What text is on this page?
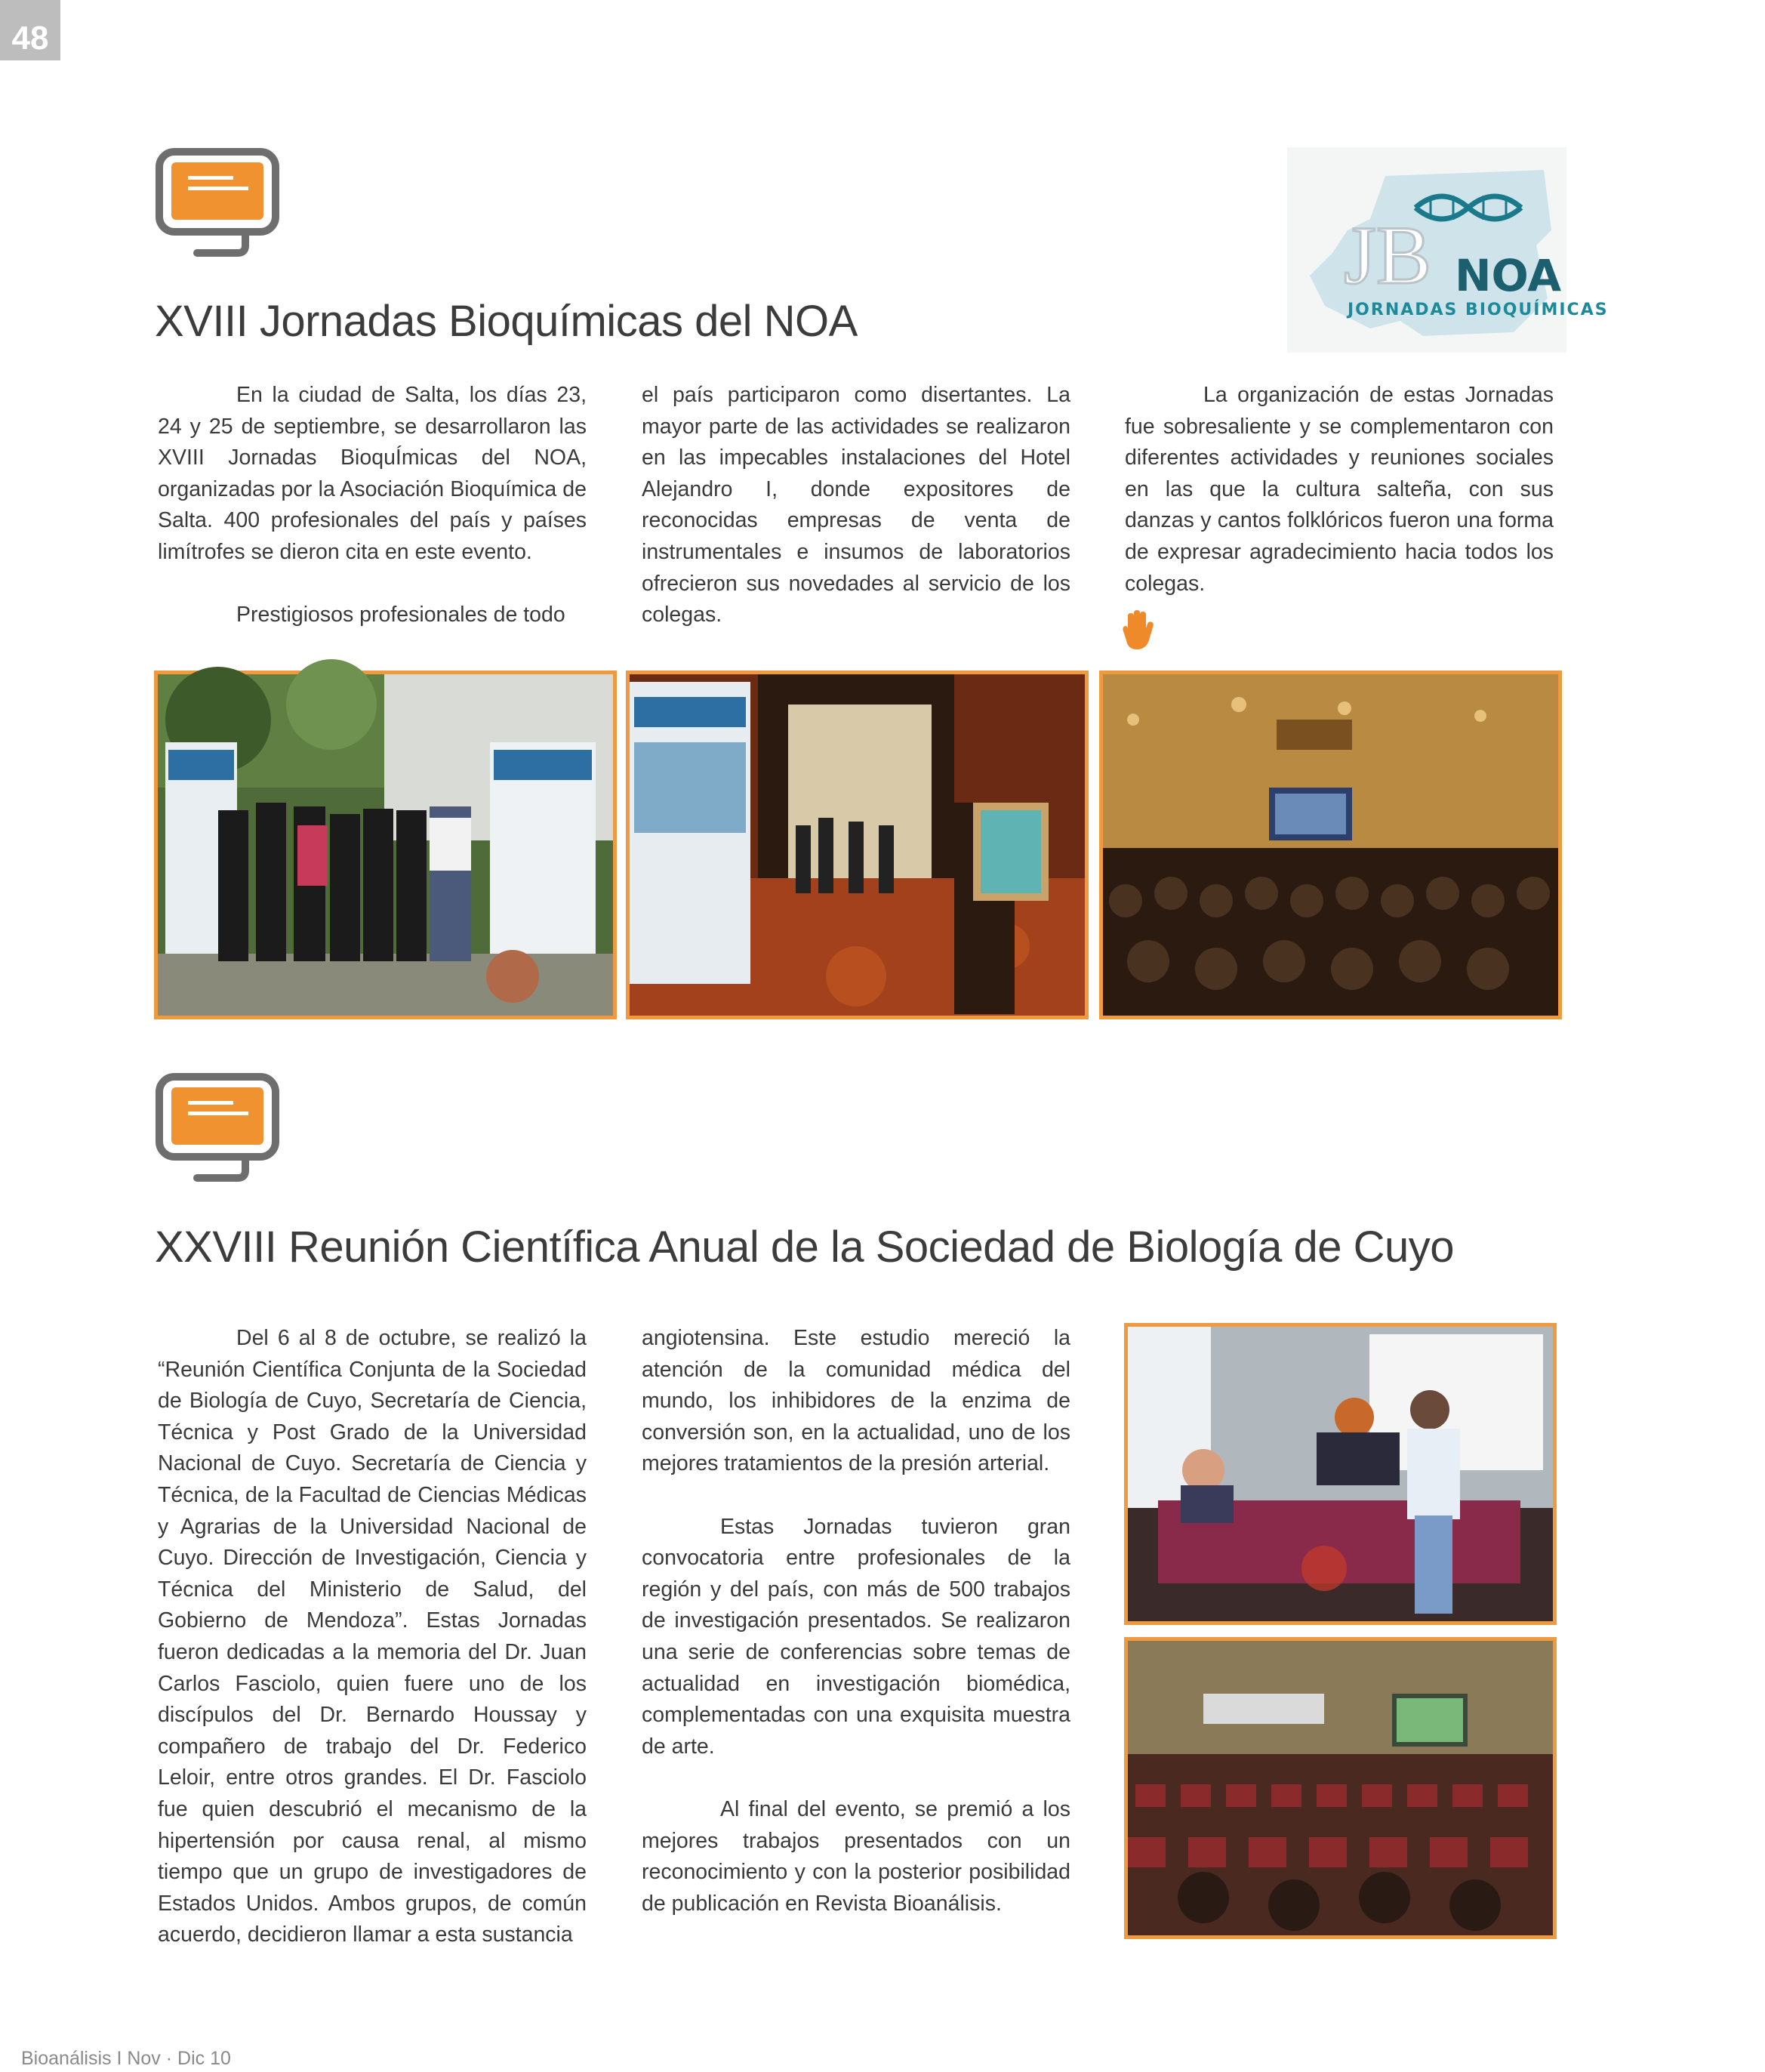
48
JB NOA
JORNADAS BIOQUÍMICAS
XVIII Jornadas Bioquímicas del NOA

En la ciudad de Salta, los días 23, 24 y 25 de septiembre, se desarrollaron las XVIII Jornadas BioquÍmicas del NOA, organizadas por la Asociación Bioquímica de Salta. 400 profesionales del país y países limítrofes se dieron cita en este evento.

Prestigiosos profesionales de todo

el país participaron como disertantes. La mayor parte de las actividades se realizaron en las impecables instalaciones del Hotel Alejandro I, donde expositores de reconocidas empresas de venta de instrumentales e insumos de laboratorios ofrecieron sus novedades al servicio de los colegas.

La organización de estas Jornadas fue sobresaliente y se complementaron con diferentes actividades y reuniones sociales en las que la cultura salteña, con sus danzas y cantos folklóricos fueron una forma de expresar agradecimiento hacia todos los colegas.

XXVIII Reunión Científica Anual de la Sociedad de Biología de Cuyo

Del 6 al 8 de octubre, se realizó la “Reunión Científica Conjunta de la Sociedad de Biología de Cuyo, Secretaría de Ciencia, Técnica y Post Grado de la Universidad Nacional de Cuyo. Secretaría de Ciencia y Técnica, de la Facultad de Ciencias Médicas y Agrarias de la Universidad Nacional de Cuyo. Dirección de Investigación, Ciencia y Técnica del Ministerio de Salud, del Gobierno de Mendoza”. Estas Jornadas fueron dedicadas a la memoria del Dr. Juan Carlos Fasciolo, quien fuere uno de los discípulos del Dr. Bernardo Houssay y compañero de trabajo del Dr. Federico Leloir, entre otros grandes. El Dr. Fasciolo fue quien descubrió el mecanismo de la hipertensión por causa renal, al mismo tiempo que un grupo de investigadores de Estados Unidos. Ambos grupos, de común acuerdo, decidieron llamar a esta sustancia

angiotensina. Este estudio mereció la atención de la comunidad médica del mundo, los inhibidores de la enzima de conversión son, en la actualidad, uno de los mejores tratamientos de la presión arterial.

Estas Jornadas tuvieron gran convocatoria entre profesionales de la región y del país, con más de 500 trabajos de investigación presentados. Se realizaron una serie de conferencias sobre temas de actualidad en investigación biomédica, complementadas con una exquisita muestra de arte.

Al final del evento, se premió a los mejores trabajos presentados con un reconocimiento y con la posterior posibilidad de publicación en Revista Bioanálisis.

Bioanálisis I Nov · Dic 10
